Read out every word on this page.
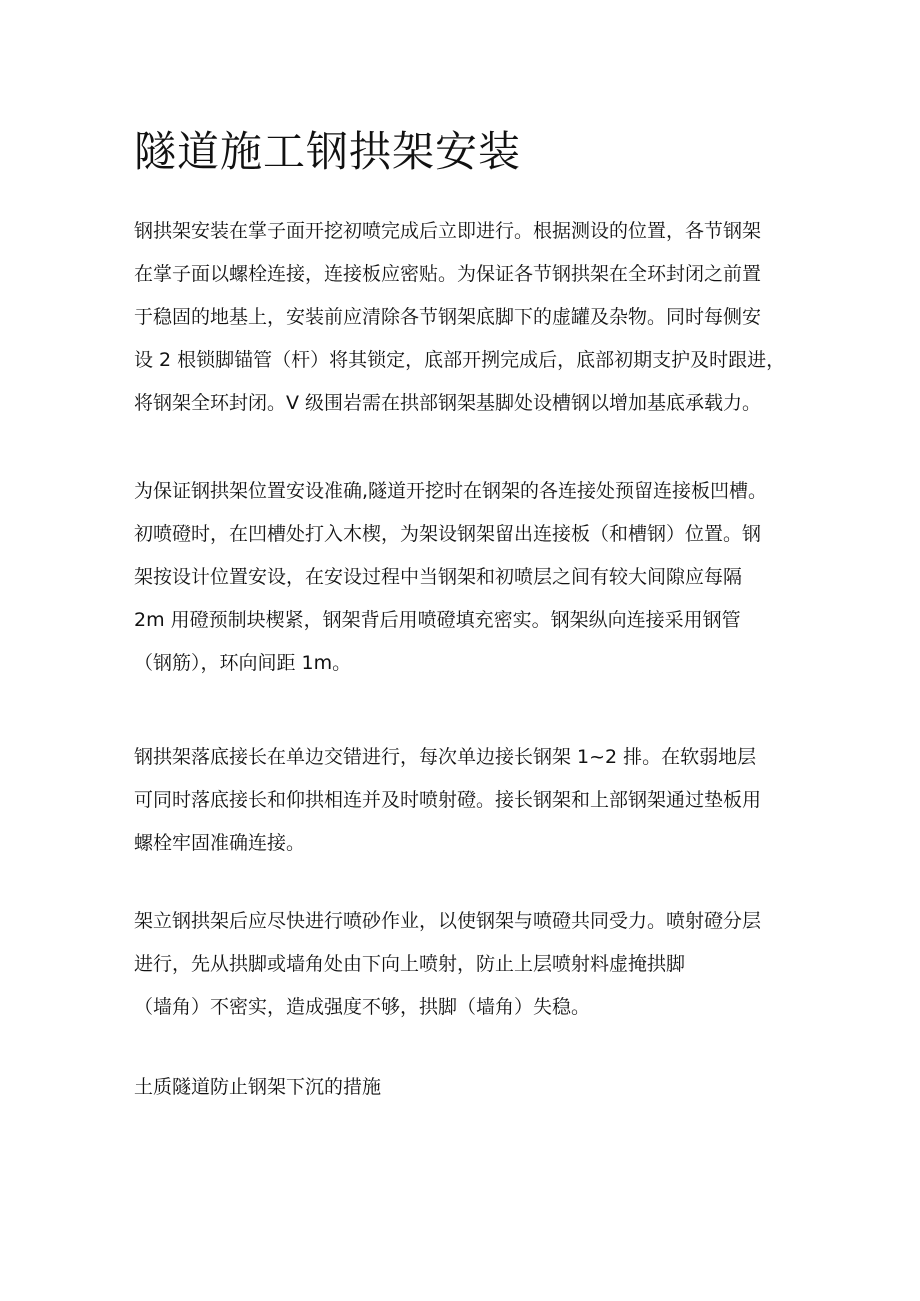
隧道施工钢拱架安装

钢拱架安装在掌子面开挖初喷完成后立即进行。根据测设的位置，各节钢架
在掌子面以螺栓连接，连接板应密贴。为保证各节钢拱架在全环封闭之前置
于稳固的地基上，安装前应清除各节钢架底脚下的虚罐及杂物。同时每侧安
设 2 根锁脚锚管（杆）将其锁定，底部开挒完成后，底部初期支护及时跟进，
将钢架全环封闭。V 级围岩需在拱部钢架基脚处设槽钢以增加基底承载力。

为保证钢拱架位置安设准确,隧道开挖时在钢架的各连接处预留连接板凹槽。
初喷磴时，在凹槽处打入木楔，为架设钢架留出连接板（和槽钢）位置。钢
架按设计位置安设，在安设过程中当钢架和初喷层之间有较大间隙应每隔
2m 用磴预制块楔紧，钢架背后用喷磴填充密实。钢架纵向连接采用钢管
（钢筋），环向间距 1m。

钢拱架落底接长在单边交错进行，每次单边接长钢架 1~2 排。在软弱地层
可同时落底接长和仰拱相连并及时喷射磴。接长钢架和上部钢架通过垫板用
螺栓牢固准确连接。

架立钢拱架后应尽快进行喷砂作业，以使钢架与喷磴共同受力。喷射磴分层
进行，先从拱脚或墙角处由下向上喷射，防止上层喷射料虚掩拱脚
（墙角）不密实，造成强度不够，拱脚（墙角）失稳。

土质隧道防止钢架下沉的措施
